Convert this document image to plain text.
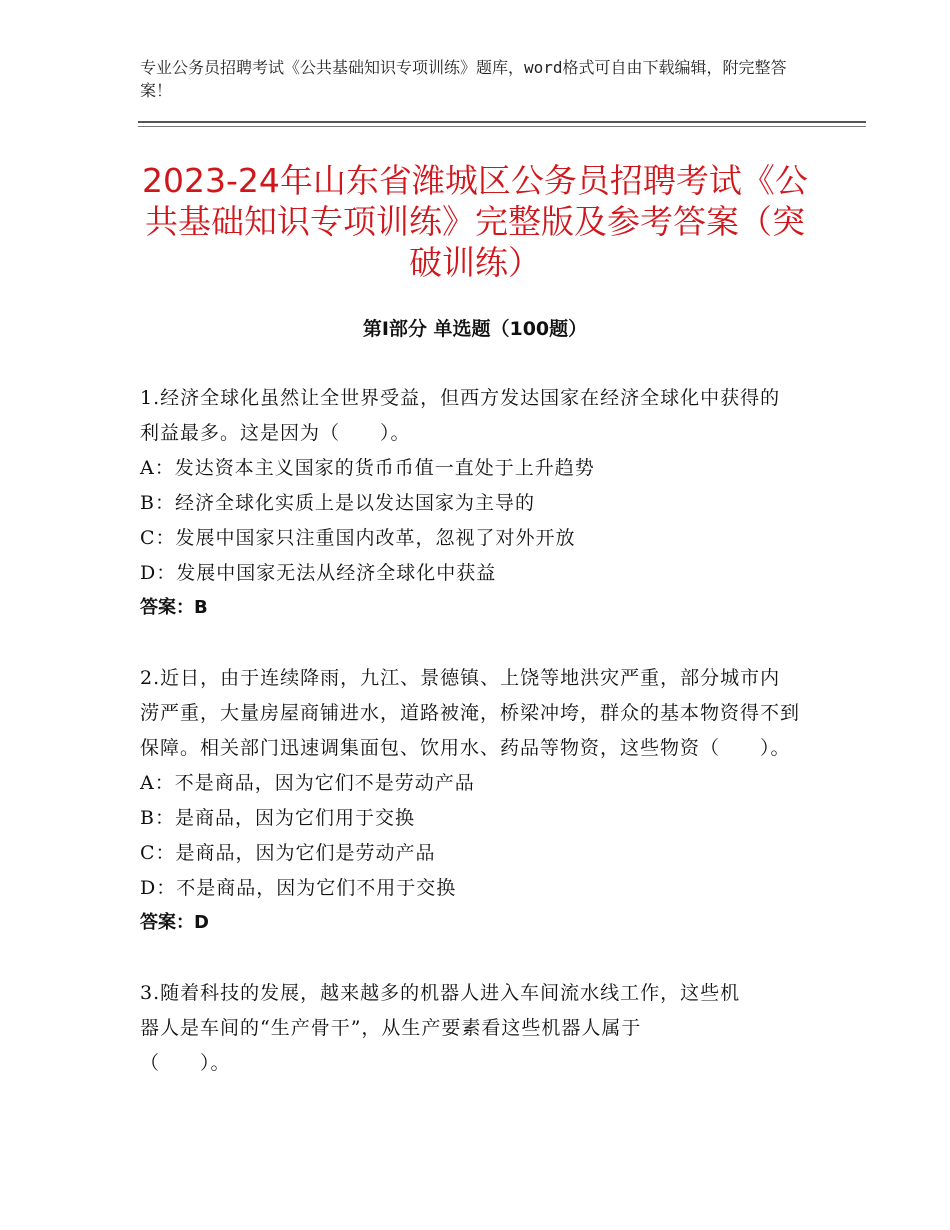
专业公务员招聘考试《公共基础知识专项训练》题库，word格式可自由下载编辑，附完整答案！
2023-24年山东省潍城区公务员招聘考试《公共基础知识专项训练》完整版及参考答案（突破训练）
第Ⅰ部分 单选题（100题）
1.经济全球化虽然让全世界受益，但西方发达国家在经济全球化中获得的利益最多。这是因为（　　）。
A：发达资本主义国家的货币币值一直处于上升趋势
B：经济全球化实质上是以发达国家为主导的
C：发展中国家只注重国内改革，忽视了对外开放
D：发展中国家无法从经济全球化中获益
答案：B
2.近日，由于连续降雨，九江、景德镇、上饶等地洪灾严重，部分城市内涝严重，大量房屋商铺进水，道路被淹，桥梁冲垮，群众的基本物资得不到保障。相关部门迅速调集面包、饮用水、药品等物资，这些物资（　　）。
A：不是商品，因为它们不是劳动产品
B：是商品，因为它们用于交换
C：是商品，因为它们是劳动产品
D：不是商品，因为它们不用于交换
答案：D
3.随着科技的发展，越来越多的机器人进入车间流水线工作，这些机
器人是车间的“生产骨干”，从生产要素看这些机器人属于
（　　）。
